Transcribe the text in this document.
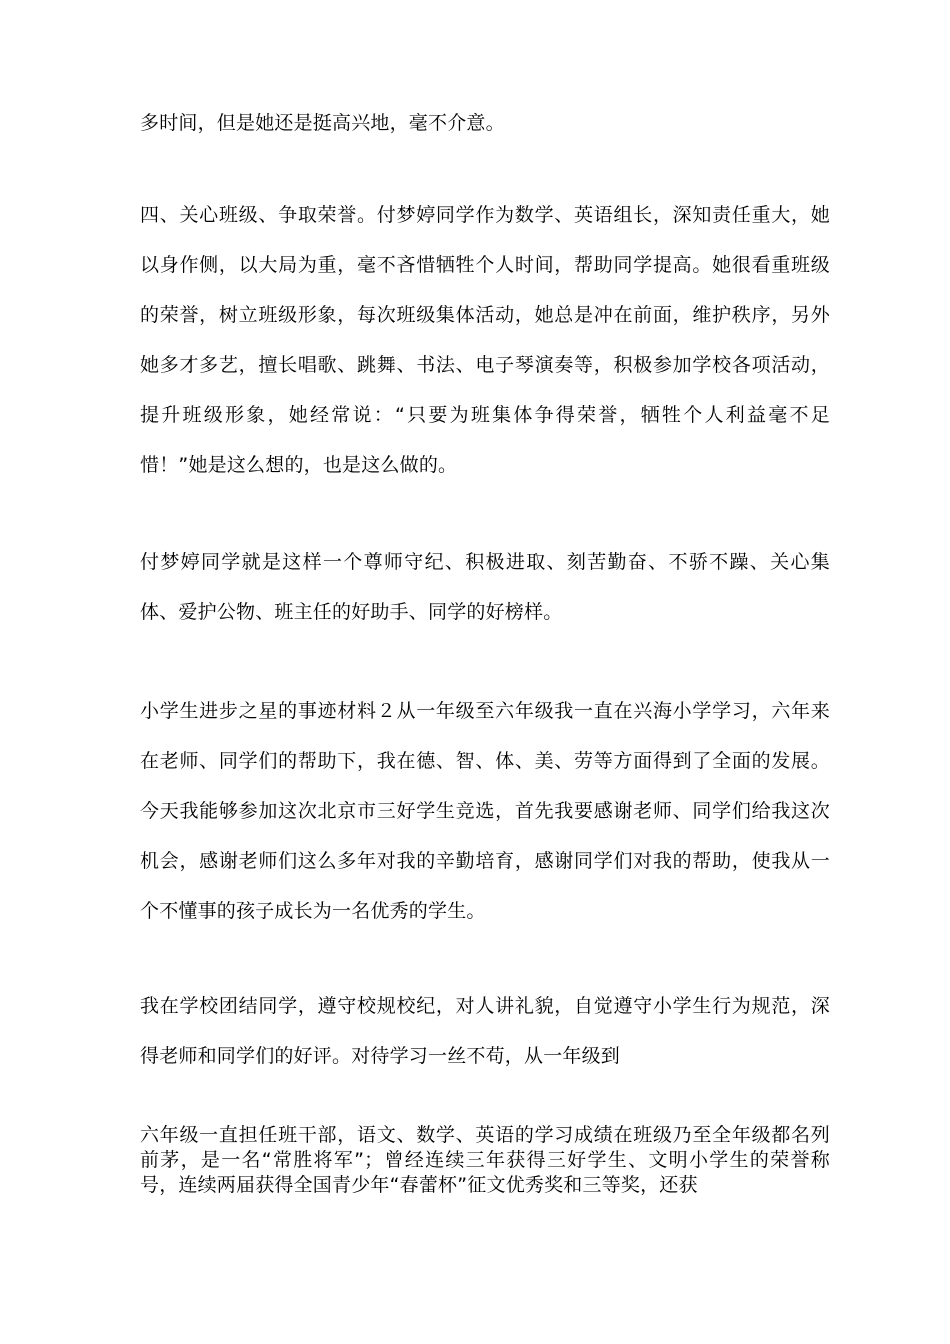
多时间，但是她还是挺高兴地，毫不介意。

四、关心班级、争取荣誉。付梦婷同学作为数学、英语组长，深知责任重大，她以身作侧，以大局为重，毫不吝惜牺牲个人时间，帮助同学提高。她很看重班级的荣誉，树立班级形象，每次班级集体活动，她总是冲在前面，维护秩序，另外她多才多艺，擅长唱歌、跳舞、书法、电子琴演奏等，积极参加学校各项活动，提升班级形象，她经常说：“只要为班集体争得荣誉，牺牲个人利益毫不足惜！”她是这么想的，也是这么做的。

付梦婷同学就是这样一个尊师守纪、积极进取、刻苦勤奋、不骄不躁、关心集体、爱护公物、班主任的好助手、同学的好榜样。

小学生进步之星的事迹材料２从一年级至六年级我一直在兴海小学学习，六年来在老师、同学们的帮助下，我在德、智、体、美、劳等方面得到了全面的发展。今天我能够参加这次北京市三好学生竞选，首先我要感谢老师、同学们给我这次机会，感谢老师们这么多年对我的辛勤培育，感谢同学们对我的帮助，使我从一个不懂事的孩子成长为一名优秀的学生。

我在学校团结同学，遵守校规校纪，对人讲礼貌，自觉遵守小学生行为规范，深得老师和同学们的好评。对待学习一丝不苟，从一年级到

六年级一直担任班干部，语文、数学、英语的学习成绩在班级乃至全年级都名列前茅，是一名“常胜将军”；曾经连续三年获得三好学生、文明小学生的荣誉称号，连续两届获得全国青少年“春蕾杯”征文优秀奖和三等奖，还获
